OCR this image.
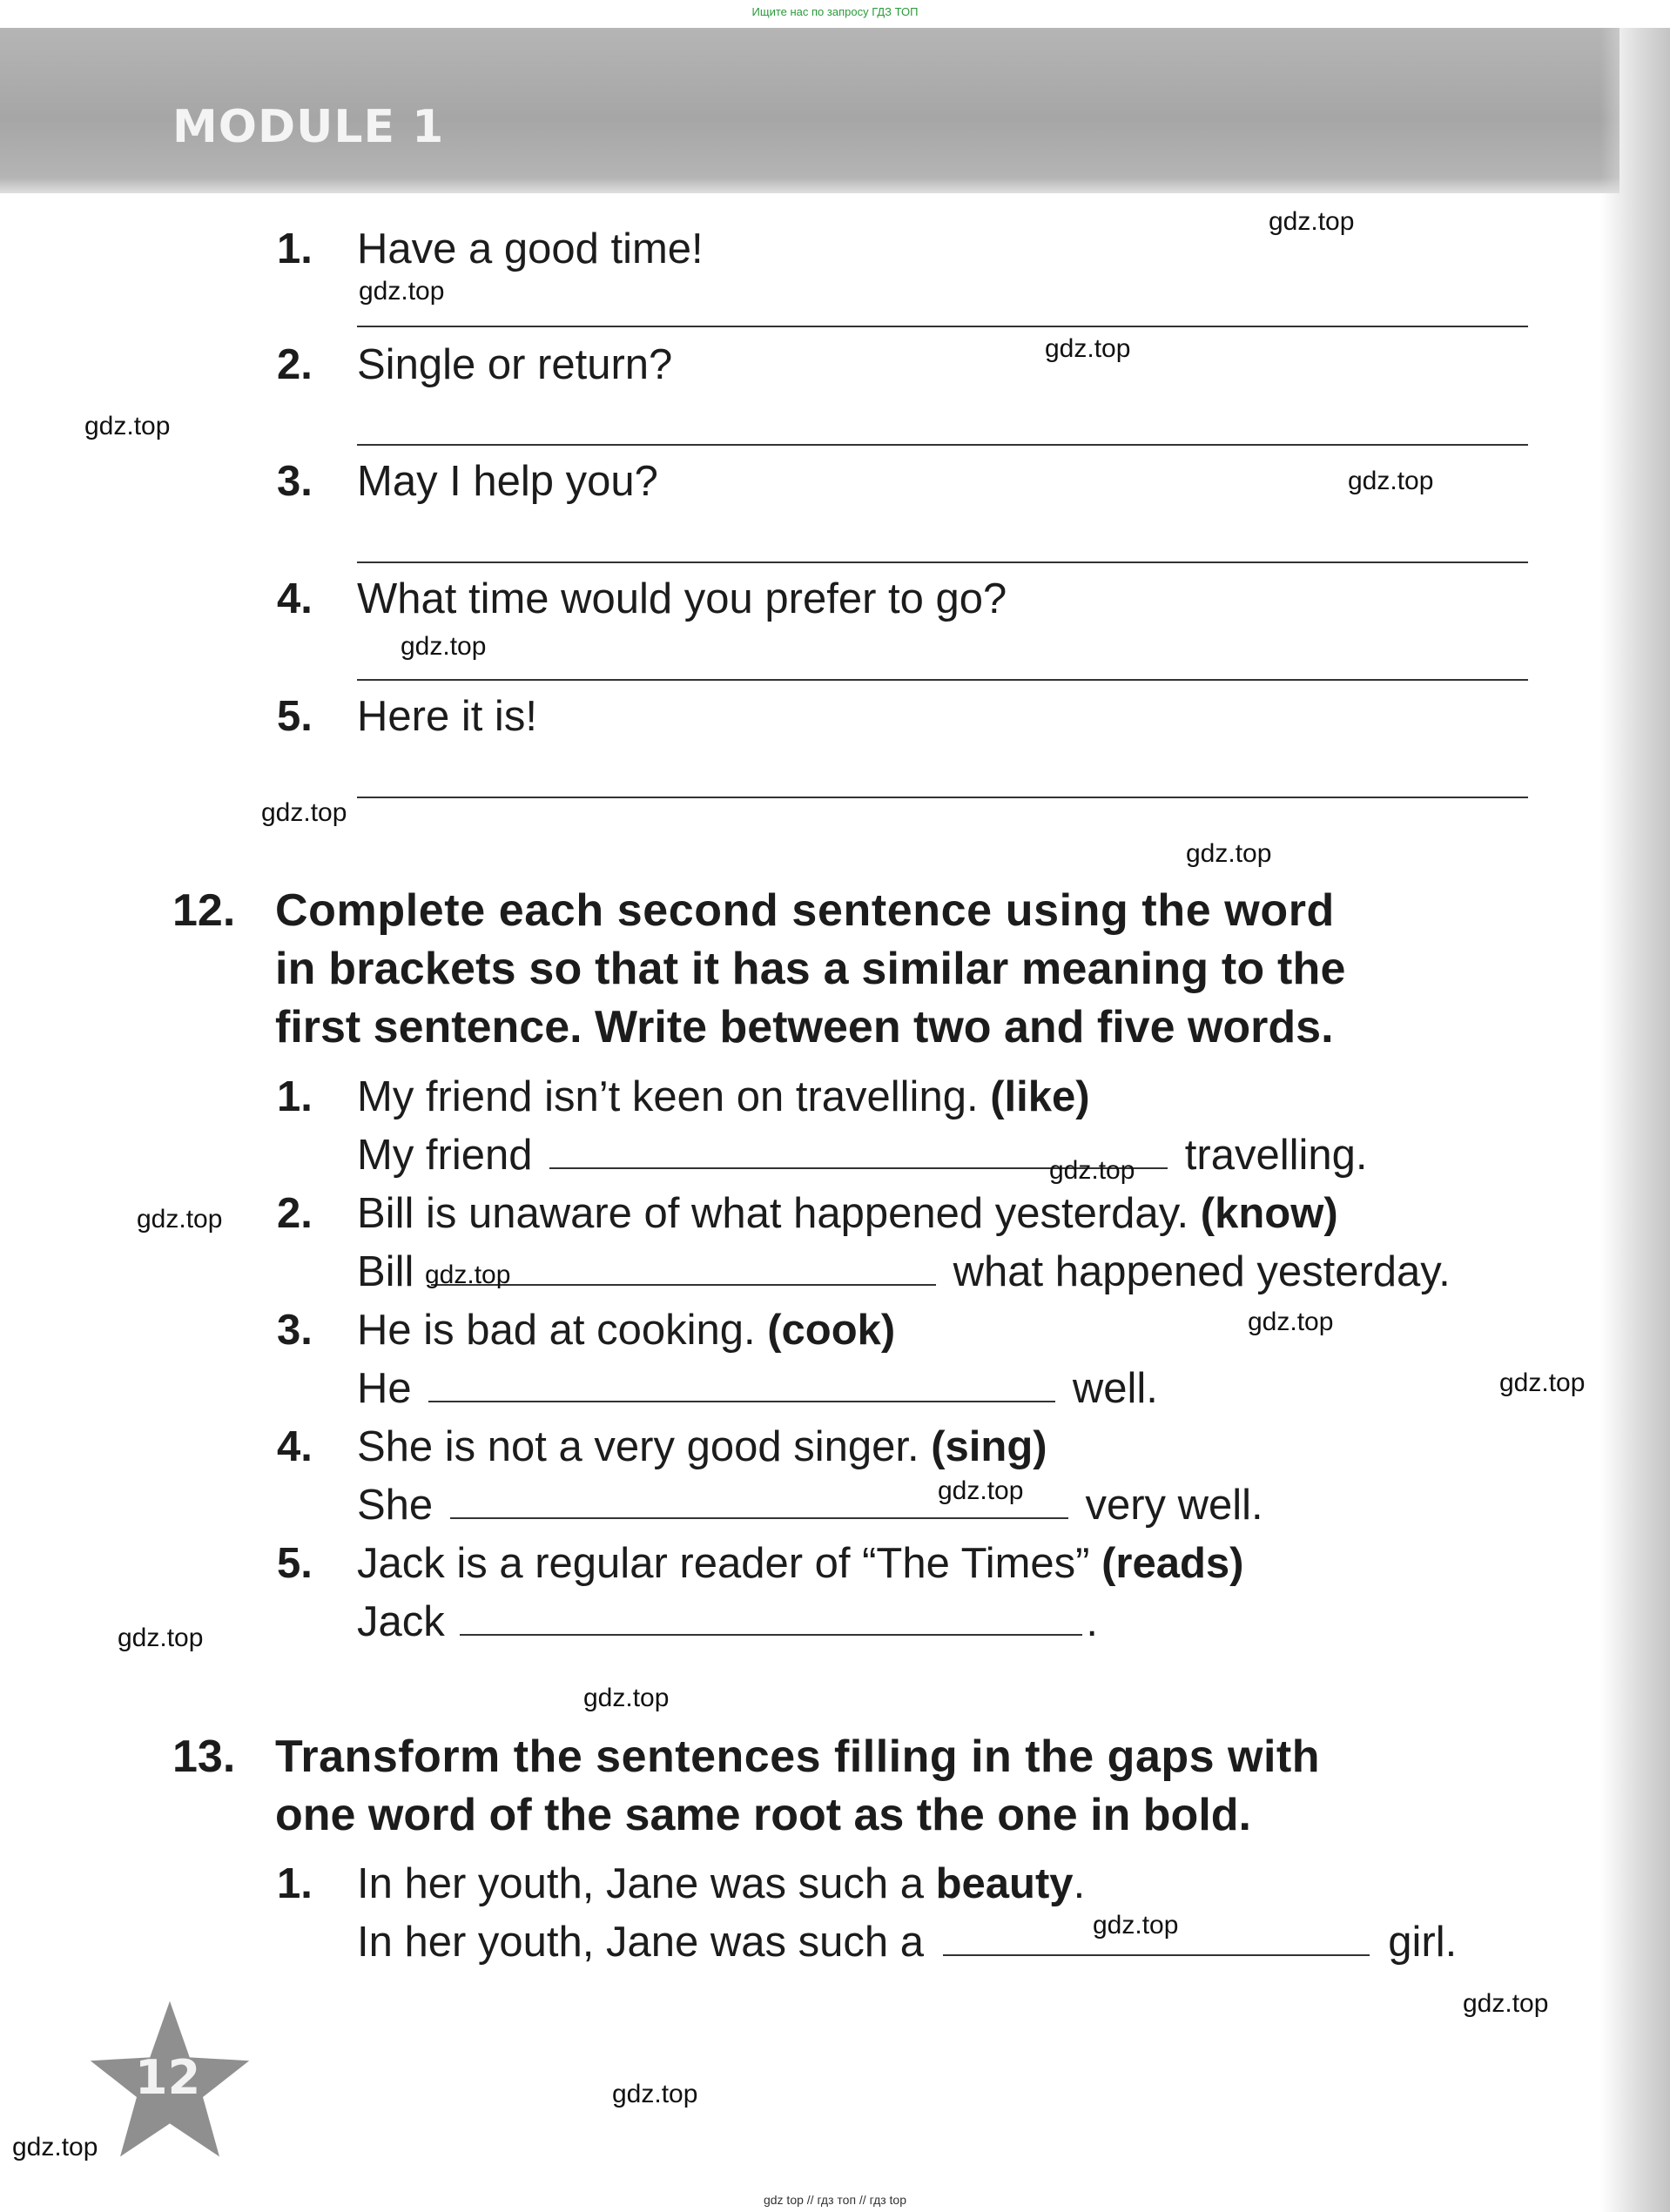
Ищите нас по запросу ГДЗ ТОП
MODULE 1
1. Have a good time!
2. Single or return?
3. May I help you?
4. What time would you prefer to go?
5. Here it is!
12. Complete each second sentence using the word
in brackets so that it has a similar meaning to the
first sentence. Write between two and five words.
1. My friend isn’t keen on travelling. (like)
My friend	travelling.
2. Bill is unaware of what happened yesterday. (know)
Bill	what happened yesterday.
3. He is bad at cooking. (cook)
He	well.
4. She is not a very good singer. (sing)
She	very well.
5. Jack is a regular reader of “The Times” (reads)
Jack	.
13. Transform the sentences filling in the gaps with
one word of the same root as the one in bold.
1. In her youth, Jane was such a beauty.
In her youth, Jane was such a	girl.
gdz.top
gdz.top
gdz.top
gdz.top
gdz.top
gdz.top
gdz.top
gdz.top
gdz.top
gdz.top
gdz.top
gdz.top
gdz.top
gdz.top
gdz.top
gdz.top
gdz.top
gdz.top
gdz.top
gdz.top
12
gdz top // гдз топ // гдз top
